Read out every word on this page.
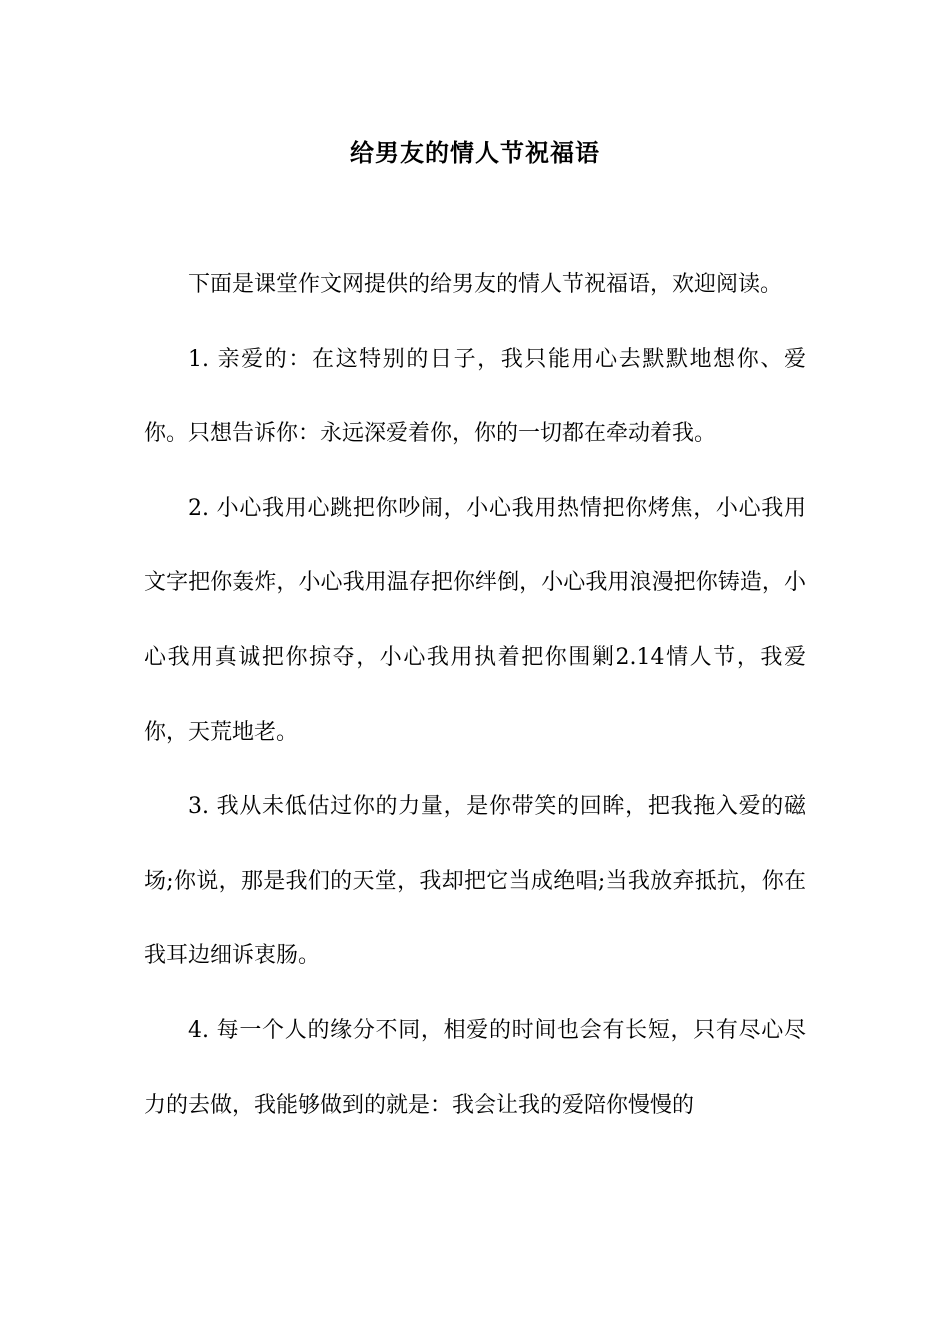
给男友的情人节祝福语

下面是课堂作文网提供的给男友的情人节祝福语，欢迎阅读。

1. 亲爱的：在这特别的日子，我只能用心去默默地想你、爱你。只想告诉你：永远深爱着你，你的一切都在牵动着我。

2. 小心我用心跳把你吵闹，小心我用热情把你烤焦，小心我用文字把你轰炸，小心我用温存把你绊倒，小心我用浪漫把你铸造，小心我用真诚把你掠夺，小心我用执着把你围剿2.14情人节，我爱你，天荒地老。

3. 我从未低估过你的力量，是你带笑的回眸，把我拖入爱的磁场;你说，那是我们的天堂，我却把它当成绝唱;当我放弃抵抗，你在我耳边细诉衷肠。

4. 每一个人的缘分不同，相爱的时间也会有长短，只有尽心尽力的去做，我能够做到的就是：我会让我的爱陪你慢慢的
